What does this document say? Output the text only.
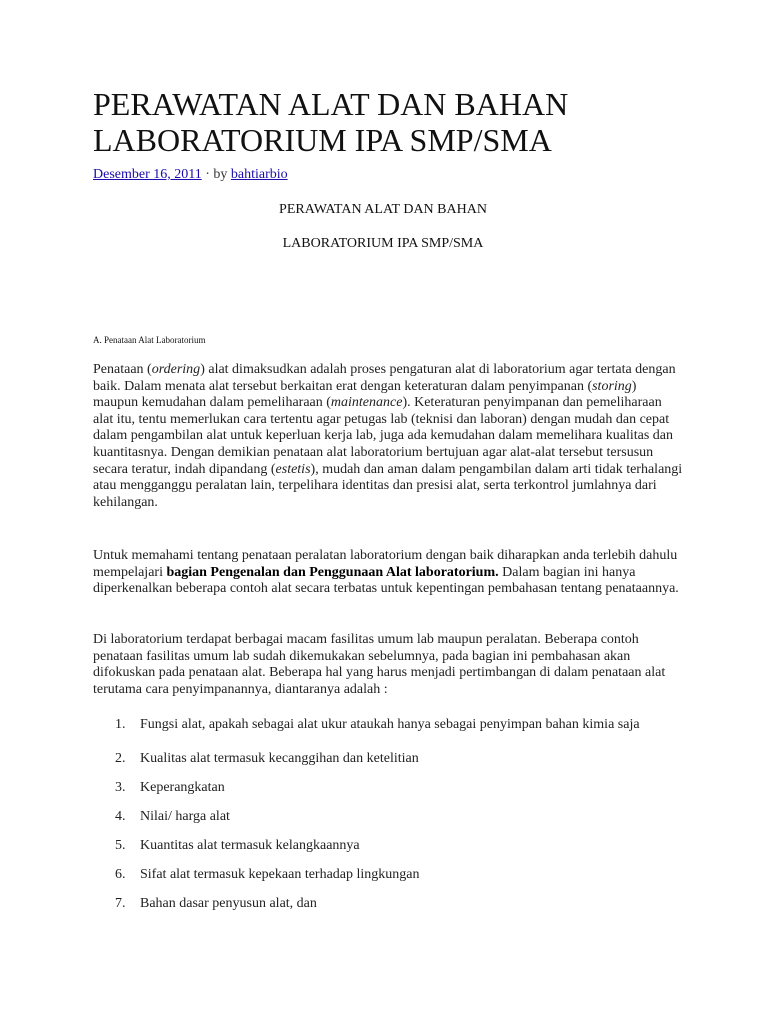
PERAWATAN ALAT DAN BAHAN
LABORATORIUM IPA SMP/SMA
Desember 16, 2011 · by bahtiarbio
PERAWATAN ALAT DAN BAHAN
LABORATORIUM IPA SMP/SMA
A. Penataan Alat Laboratorium

Penataan (ordering) alat dimaksudkan adalah proses pengaturan alat di laboratorium agar tertata dengan baik. Dalam menata alat tersebut berkaitan erat dengan keteraturan dalam penyimpanan (storing) maupun kemudahan dalam pemeliharaan (maintenance). Keteraturan penyimpanan dan pemeliharaan alat itu, tentu memerlukan cara tertentu agar petugas lab (teknisi dan laboran) dengan mudah dan cepat dalam pengambilan alat untuk keperluan kerja lab, juga ada kemudahan dalam memelihara kualitas dan kuantitasnya. Dengan demikian penataan alat laboratorium bertujuan agar alat-alat tersebut tersusun secara teratur, indah dipandang (estetis), mudah dan aman dalam pengambilan dalam arti tidak terhalangi atau mengganggu peralatan lain, terpelihara identitas dan presisi alat, serta terkontrol jumlahnya dari kehilangan.

Untuk memahami tentang penataan peralatan laboratorium dengan baik diharapkan anda terlebih dahulu mempelajari bagian Pengenalan dan Penggunaan Alat laboratorium. Dalam bagian ini hanya diperkenalkan beberapa contoh alat secara terbatas untuk kepentingan pembahasan tentang penataannya.

Di laboratorium terdapat berbagai macam fasilitas umum lab maupun peralatan. Beberapa contoh penataan fasilitas umum lab sudah dikemukakan sebelumnya, pada bagian ini pembahasan akan difokuskan pada penataan alat. Beberapa hal yang harus menjadi pertimbangan di dalam penataan alat terutama cara penyimpanannya, diantaranya adalah :

1. Fungsi alat, apakah sebagai alat ukur ataukah hanya sebagai penyimpan bahan kimia saja
2. Kualitas alat termasuk kecanggihan dan ketelitian
3. Keperangkatan
4. Nilai/ harga alat
5. Kuantitas alat termasuk kelangkaannya
6. Sifat alat termasuk kepekaan terhadap lingkungan
7. Bahan dasar penyusun alat, dan
